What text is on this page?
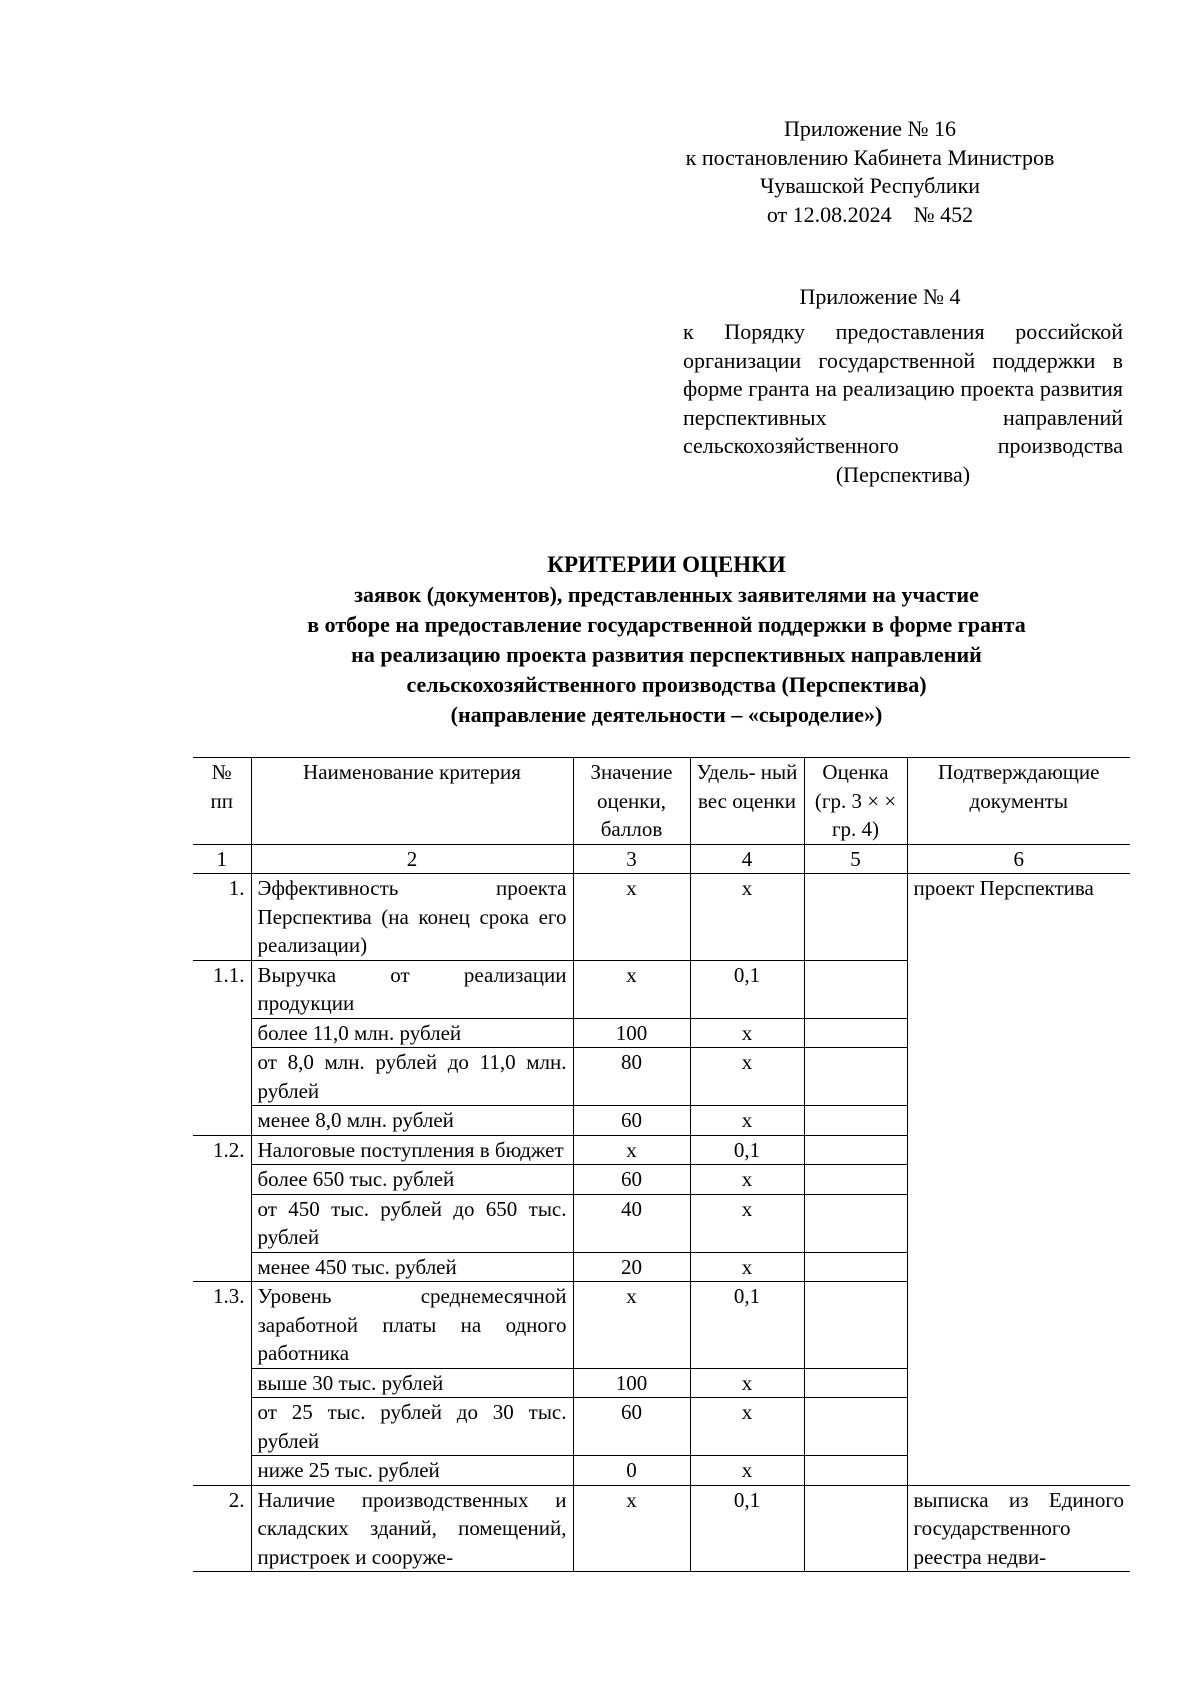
Приложение № 16
к постановлению Кабинета Министров
Чувашской Республики
от 12.08.2024    № 452
Приложение № 4
к Порядку предоставления российской организации государственной поддержки в форме гранта на реализацию проекта развития перспективных направлений сельскохозяйственного производства (Перспектива)
КРИТЕРИИ ОЦЕНКИ
заявок (документов), представленных заявителями на участие
в отборе на предоставление государственной поддержки в форме гранта
на реализацию проекта развития перспективных направлений
сельскохозяйственного производства (Перспектива)
(направление деятельности – «сыроделие»)
№ пп	Наименование критерия	Значение оценки, баллов	Удель- ный вес оценки	Оценка (гр. 3 × × гр. 4)	Подтверждающие документы
1	2	3	4	5	6
1.	Эффективность проекта Перспектива (на конец срока его реализации)	х	х		проект Перспектива
1.1.	Выручка от реализации продукции	х	0,1		
	более 11,0 млн. рублей	100	х		
	от 8,0 млн. рублей до 11,0 млн. рублей	80	х		
	менее 8,0 млн. рублей	60	х		
1.2.	Налоговые поступления в бюджет	х	0,1		
	более 650 тыс. рублей	60	х		
	от 450 тыс. рублей до 650 тыс. рублей	40	х		
	менее 450 тыс. рублей	20	х		
1.3.	Уровень среднемесячной заработной платы на одного работника	х	0,1		
	выше 30 тыс. рублей	100	х		
	от 25 тыс. рублей до 30 тыс. рублей	60	х		
	ниже 25 тыс. рублей	0	х		
2.	Наличие производственных и складских зданий, помещений, пристроек и сооруже-	х	0,1		выписка из Единого государственного реестра недви-
